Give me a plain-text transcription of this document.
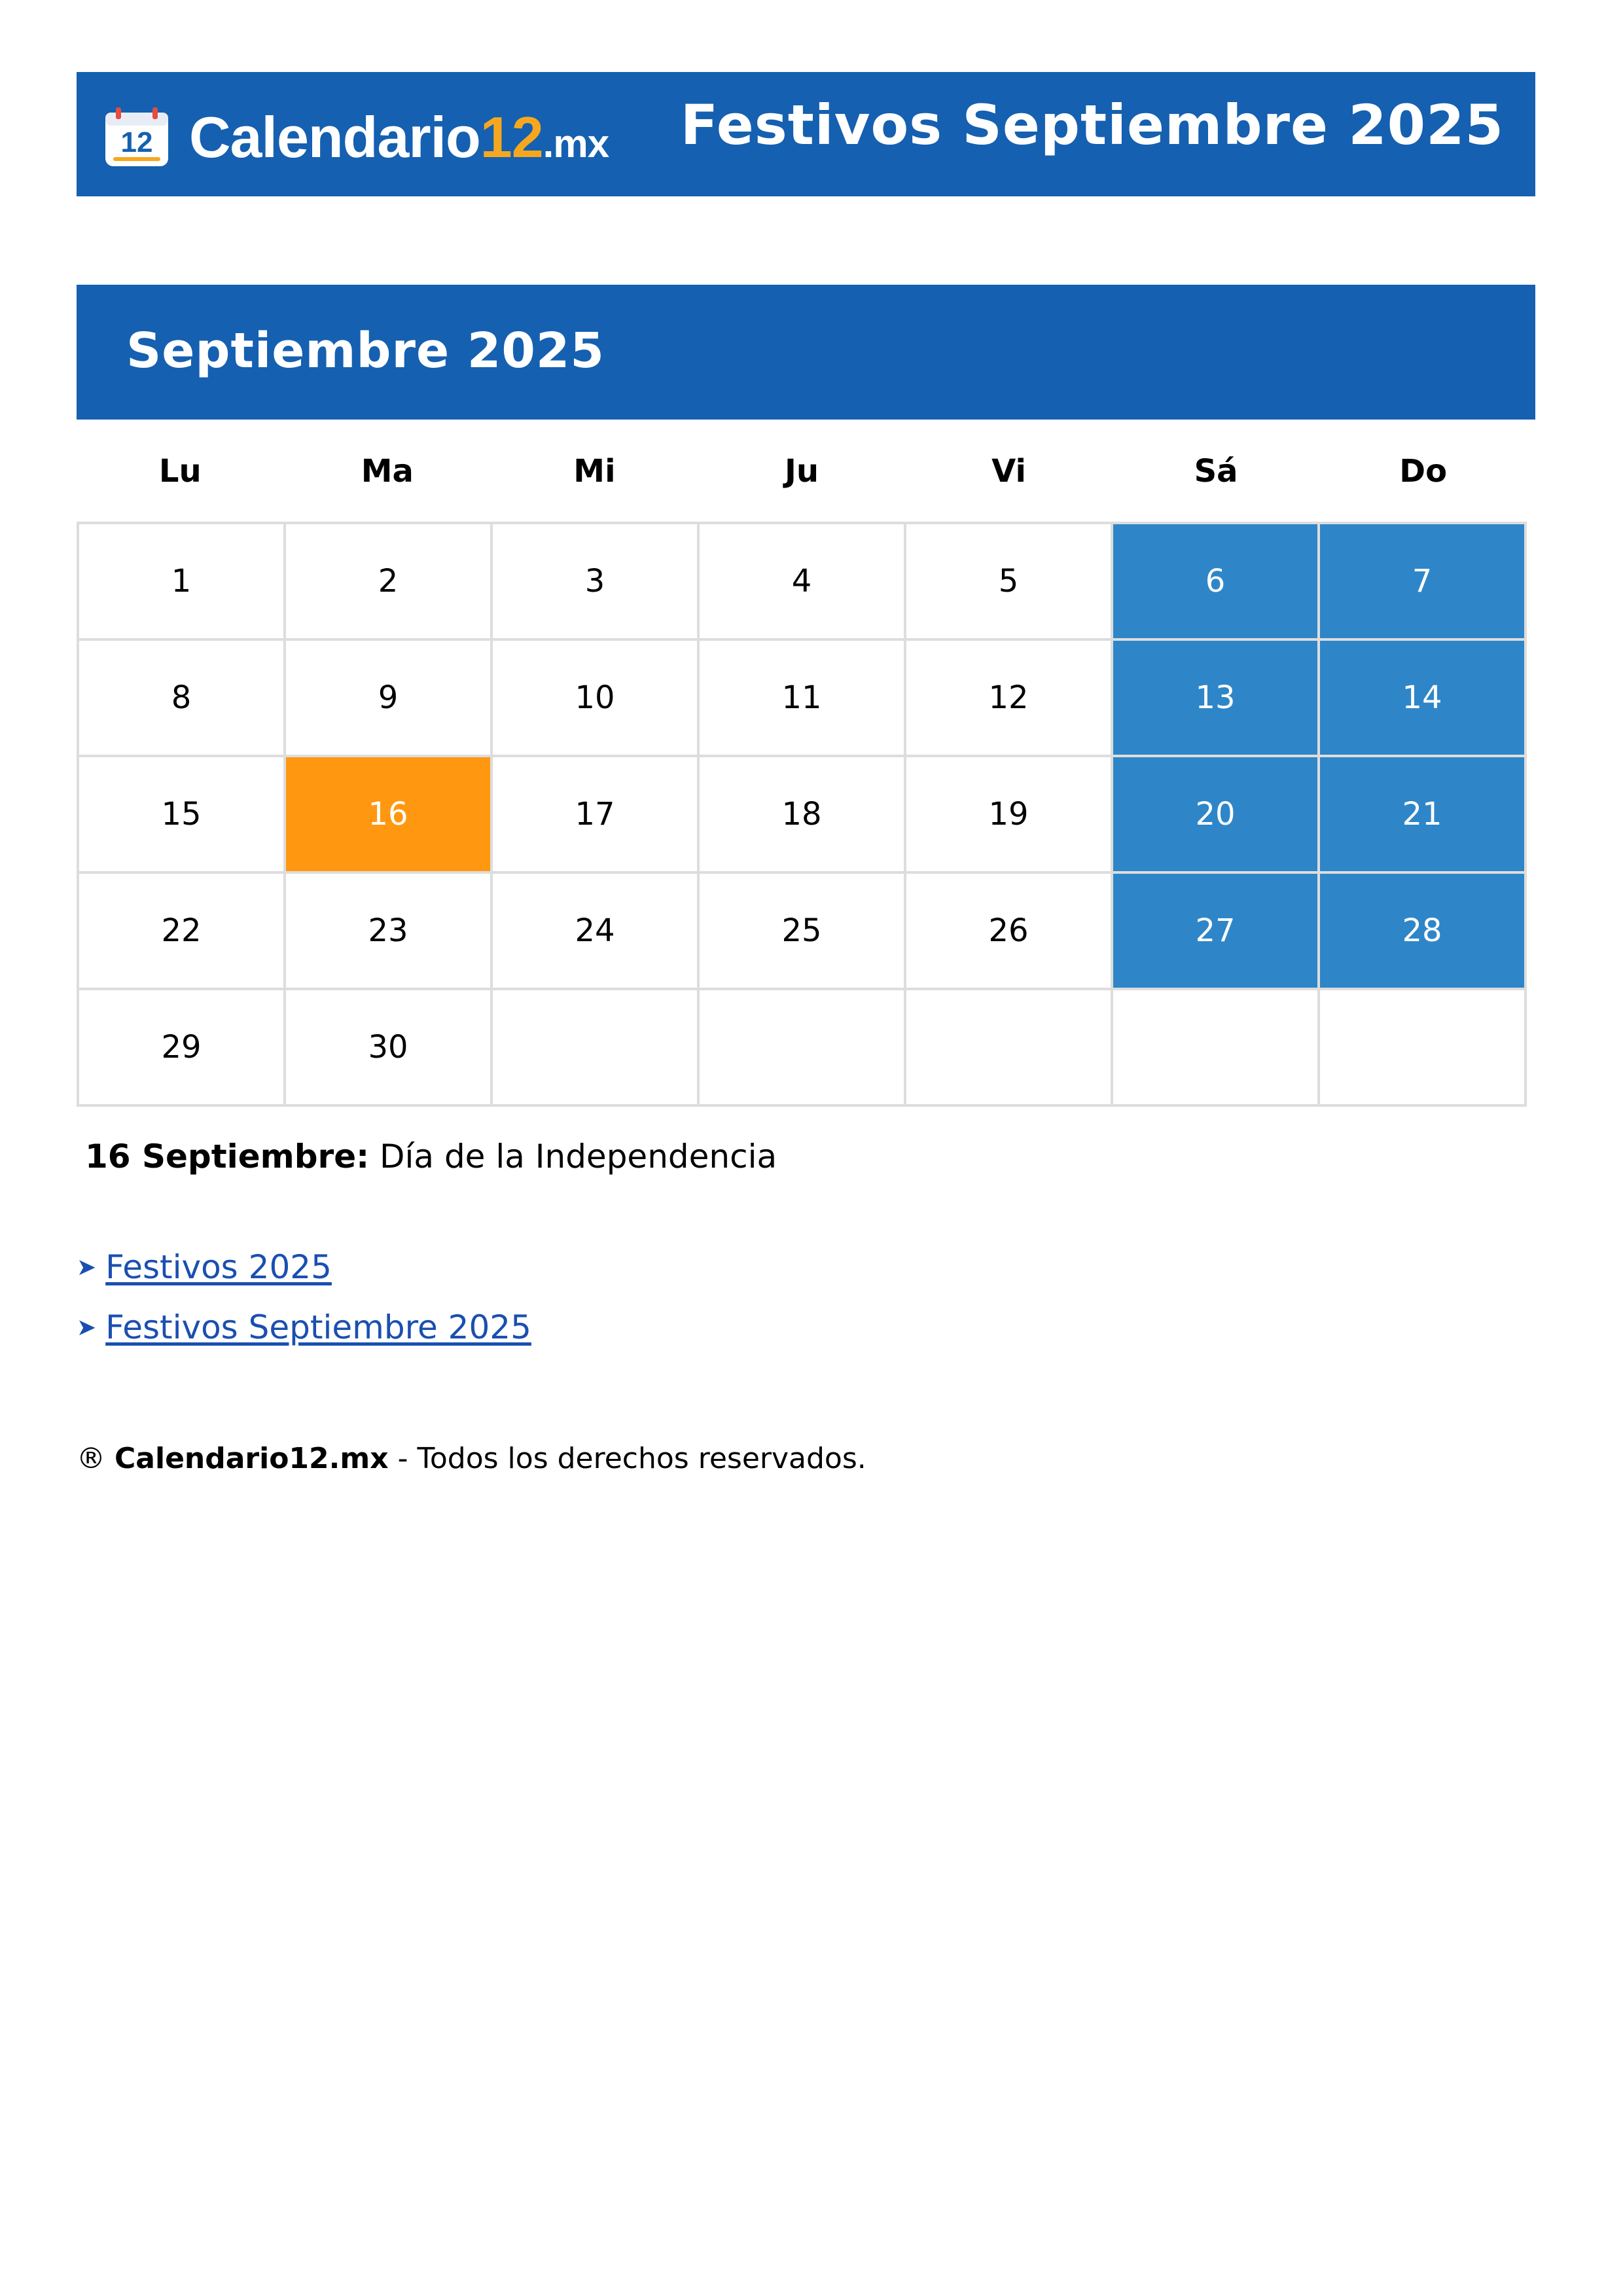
12 Calendario12.mx Festivos Septiembre 2025
Septiembre 2025
Lu	Ma	Mi	Ju	Vi	Sá	Do
1	2	3	4	5	6	7
8	9	10	11	12	13	14
15	16	17	18	19	20	21
22	23	24	25	26	27	28
29	30
16 Septiembre: Día de la Independencia
➤ Festivos 2025
➤ Festivos Septiembre 2025
® Calendario12.mx - Todos los derechos reservados.
